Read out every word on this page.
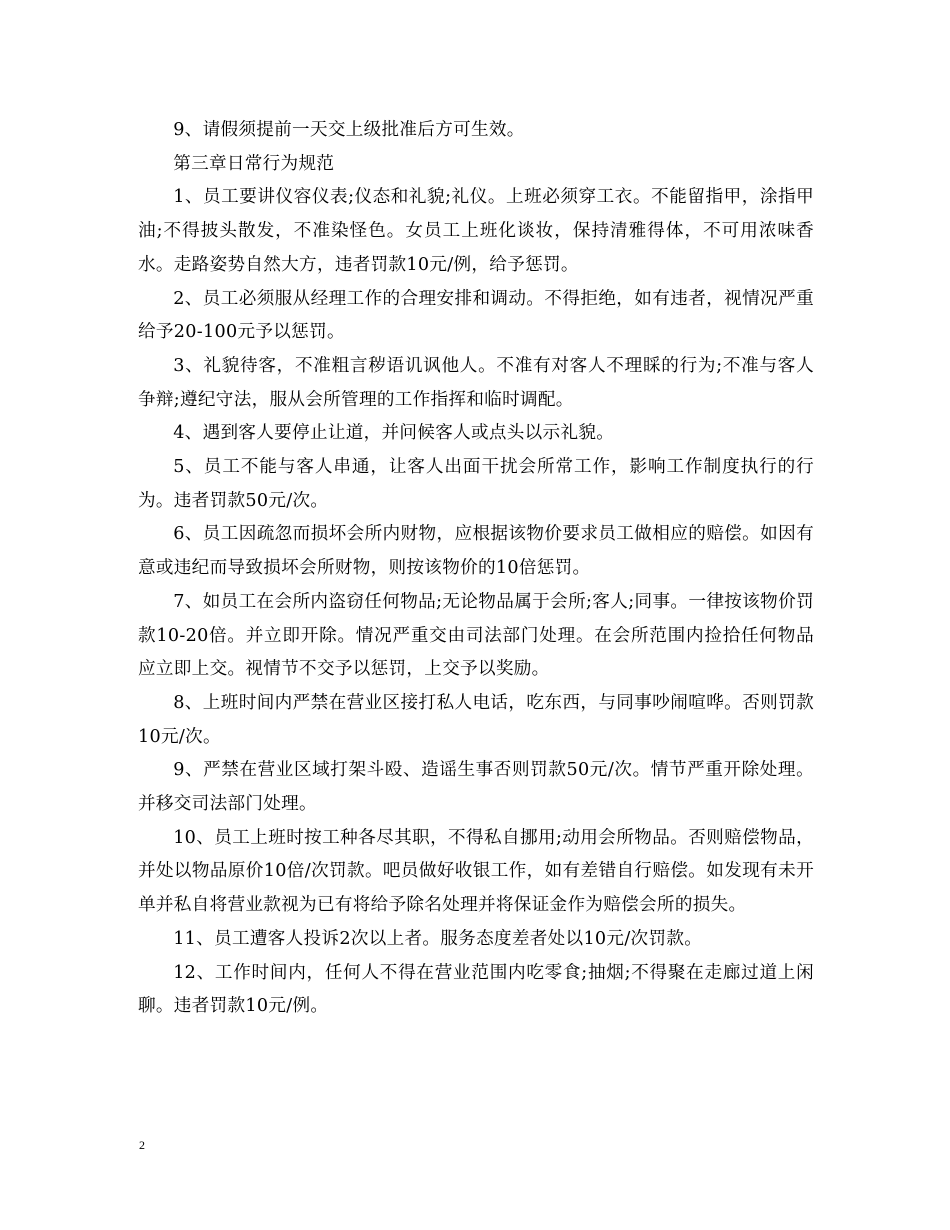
9、请假须提前一天交上级批准后方可生效。

第三章日常行为规范

1、员工要讲仪容仪表;仪态和礼貌;礼仪。上班必须穿工衣。不能留指甲，涂指甲油;不得披头散发，不准染怪色。女员工上班化谈妆，保持清雅得体，不可用浓味香水。走路姿势自然大方，违者罚款10元/例，给予惩罚。

2、员工必须服从经理工作的合理安排和调动。不得拒绝，如有违者，视情况严重给予20-100元予以惩罚。

3、礼貌待客，不准粗言秽语讥讽他人。不准有对客人不理睬的行为;不准与客人争辩;遵纪守法，服从会所管理的工作指挥和临时调配。

4、遇到客人要停止让道，并问候客人或点头以示礼貌。

5、员工不能与客人串通，让客人出面干扰会所常工作，影响工作制度执行的行为。违者罚款50元/次。

6、员工因疏忽而损坏会所内财物，应根据该物价要求员工做相应的赔偿。如因有意或违纪而导致损坏会所财物，则按该物价的10倍惩罚。

7、如员工在会所内盗窃任何物品;无论物品属于会所;客人;同事。一律按该物价罚款10-20倍。并立即开除。情况严重交由司法部门处理。在会所范围内捡拾任何物品应立即上交。视情节不交予以惩罚，上交予以奖励。

8、上班时间内严禁在营业区接打私人电话，吃东西，与同事吵闹喧哗。否则罚款10元/次。

9、严禁在营业区域打架斗殴、造谣生事否则罚款50元/次。情节严重开除处理。并移交司法部门处理。

10、员工上班时按工种各尽其职，不得私自挪用;动用会所物品。否则赔偿物品，并处以物品原价10倍/次罚款。吧员做好收银工作，如有差错自行赔偿。如发现有未开单并私自将营业款视为已有将给予除名处理并将保证金作为赔偿会所的损失。

11、员工遭客人投诉2次以上者。服务态度差者处以10元/次罚款。

12、工作时间内，任何人不得在营业范围内吃零食;抽烟;不得聚在走廊过道上闲聊。违者罚款10元/例。

2
